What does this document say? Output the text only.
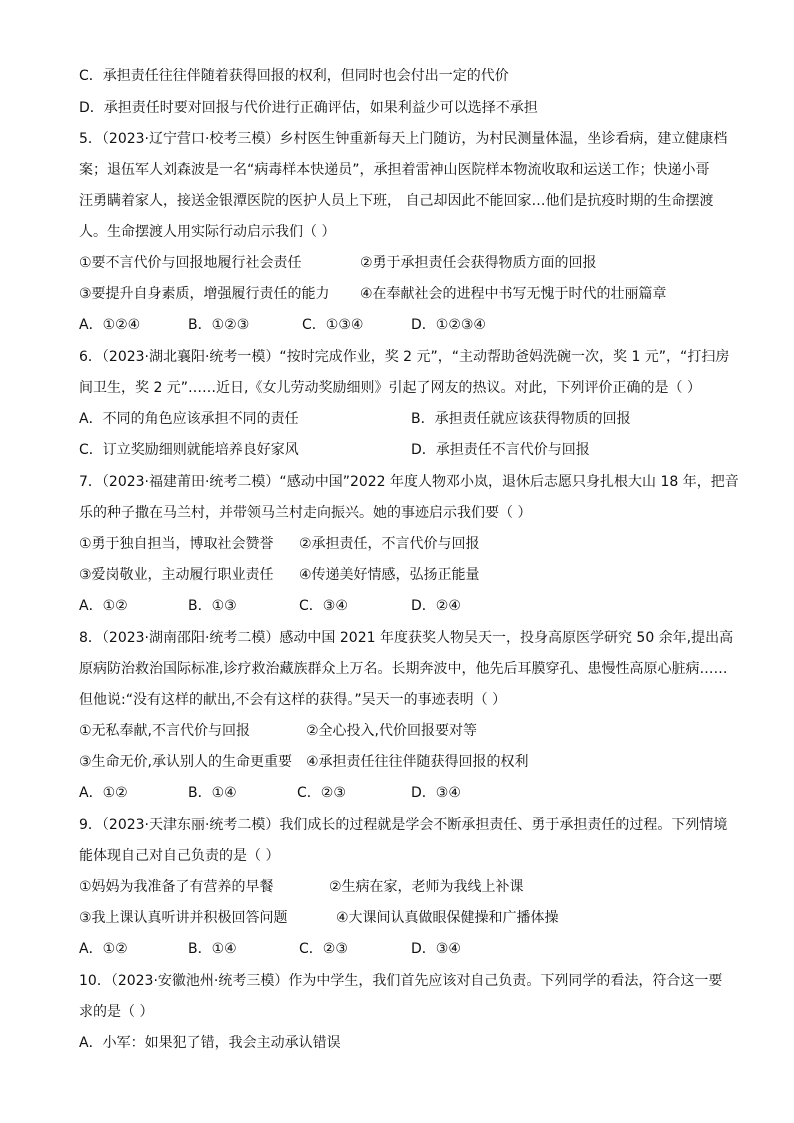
C．承担责任往往伴随着获得回报的权利，但同时也会付出一定的代价
D．承担责任时要对回报与代价进行正确评估，如果利益少可以选择不承担
5．（2023·辽宁营口·校考三模）乡村医生钟重新每天上门随访，为村民测量体温，坐诊看病，建立健康档
案；退伍军人刘森波是一名“病毒样本快递员”，承担着雷神山医院样本物流收取和运送工作；快递小哥
汪勇瞒着家人，接送金银潭医院的医护人员上下班， 自己却因此不能回家…他们是抗疫时期的生命摆渡
人。生命摆渡人用实际行动启示我们（ ）
①要不言代价与回报地履行社会责任	②勇于承担责任会获得物质方面的回报
③要提升自身素质，增强履行责任的能力 ④在奉献社会的进程中书写无愧于时代的壮丽篇章
A．①②④	B．①②③	C．①③④	D．①②③④
6．（2023·湖北襄阳·统考一模）“按时完成作业，奖 2 元”，“主动帮助爸妈洗碗一次，奖 1 元”，“打扫房
间卫生，奖 2 元”……近日,《女儿劳动奖励细则》引起了网友的热议。对此，下列评价正确的是（ ）
A．不同的角色应该承担不同的责任	B．承担责任就应该获得物质的回报
C．订立奖励细则就能培养良好家风	D．承担责任不言代价与回报
7．（2023·福建莆田·统考二模）“感动中国”2022 年度人物邓小岚，退休后志愿只身扎根大山 18 年，把音
乐的种子撒在马兰村，并带领马兰村走向振兴。她的事迹启示我们要（ ）
①勇于独自担当，博取社会赞誉 ②承担责任，不言代价与回报
③爱岗敬业，主动履行职业责任 ④传递美好情感，弘扬正能量
A．①②	B．①③	C．③④	D．②④
8．（2023·湖南邵阳·统考二模）感动中国 2021 年度获奖人物吴天一，投身高原医学研究 50 余年,提出高
原病防治救治国际标准,诊疗救治藏族群众上万名。长期奔波中，他先后耳膜穿孔、患慢性高原心脏病……
但他说:“没有这样的献出,不会有这样的获得。”吴天一的事迹表明（ ）
①无私奉献,不言代价与回报	②全心投入,代价回报要对等
③生命无价,承认别人的生命更重要 ④承担责任往往伴随获得回报的权利
A．①②	B．①④	C．②③	D．③④
9．（2023·天津东丽·统考二模）我们成长的过程就是学会不断承担责任、勇于承担责任的过程。下列情境
能体现自己对自己负责的是（ ）
①妈妈为我准备了有营养的早餐	②生病在家，老师为我线上补课
③我上课认真听讲并积极回答问题	④大课间认真做眼保健操和广播体操
A．①②	B．①④	C．②③	D．③④
10．（2023·安徽池州·统考三模）作为中学生，我们首先应该对自己负责。下列同学的看法，符合这一要
求的是（ ）
A．小军：如果犯了错，我会主动承认错误
